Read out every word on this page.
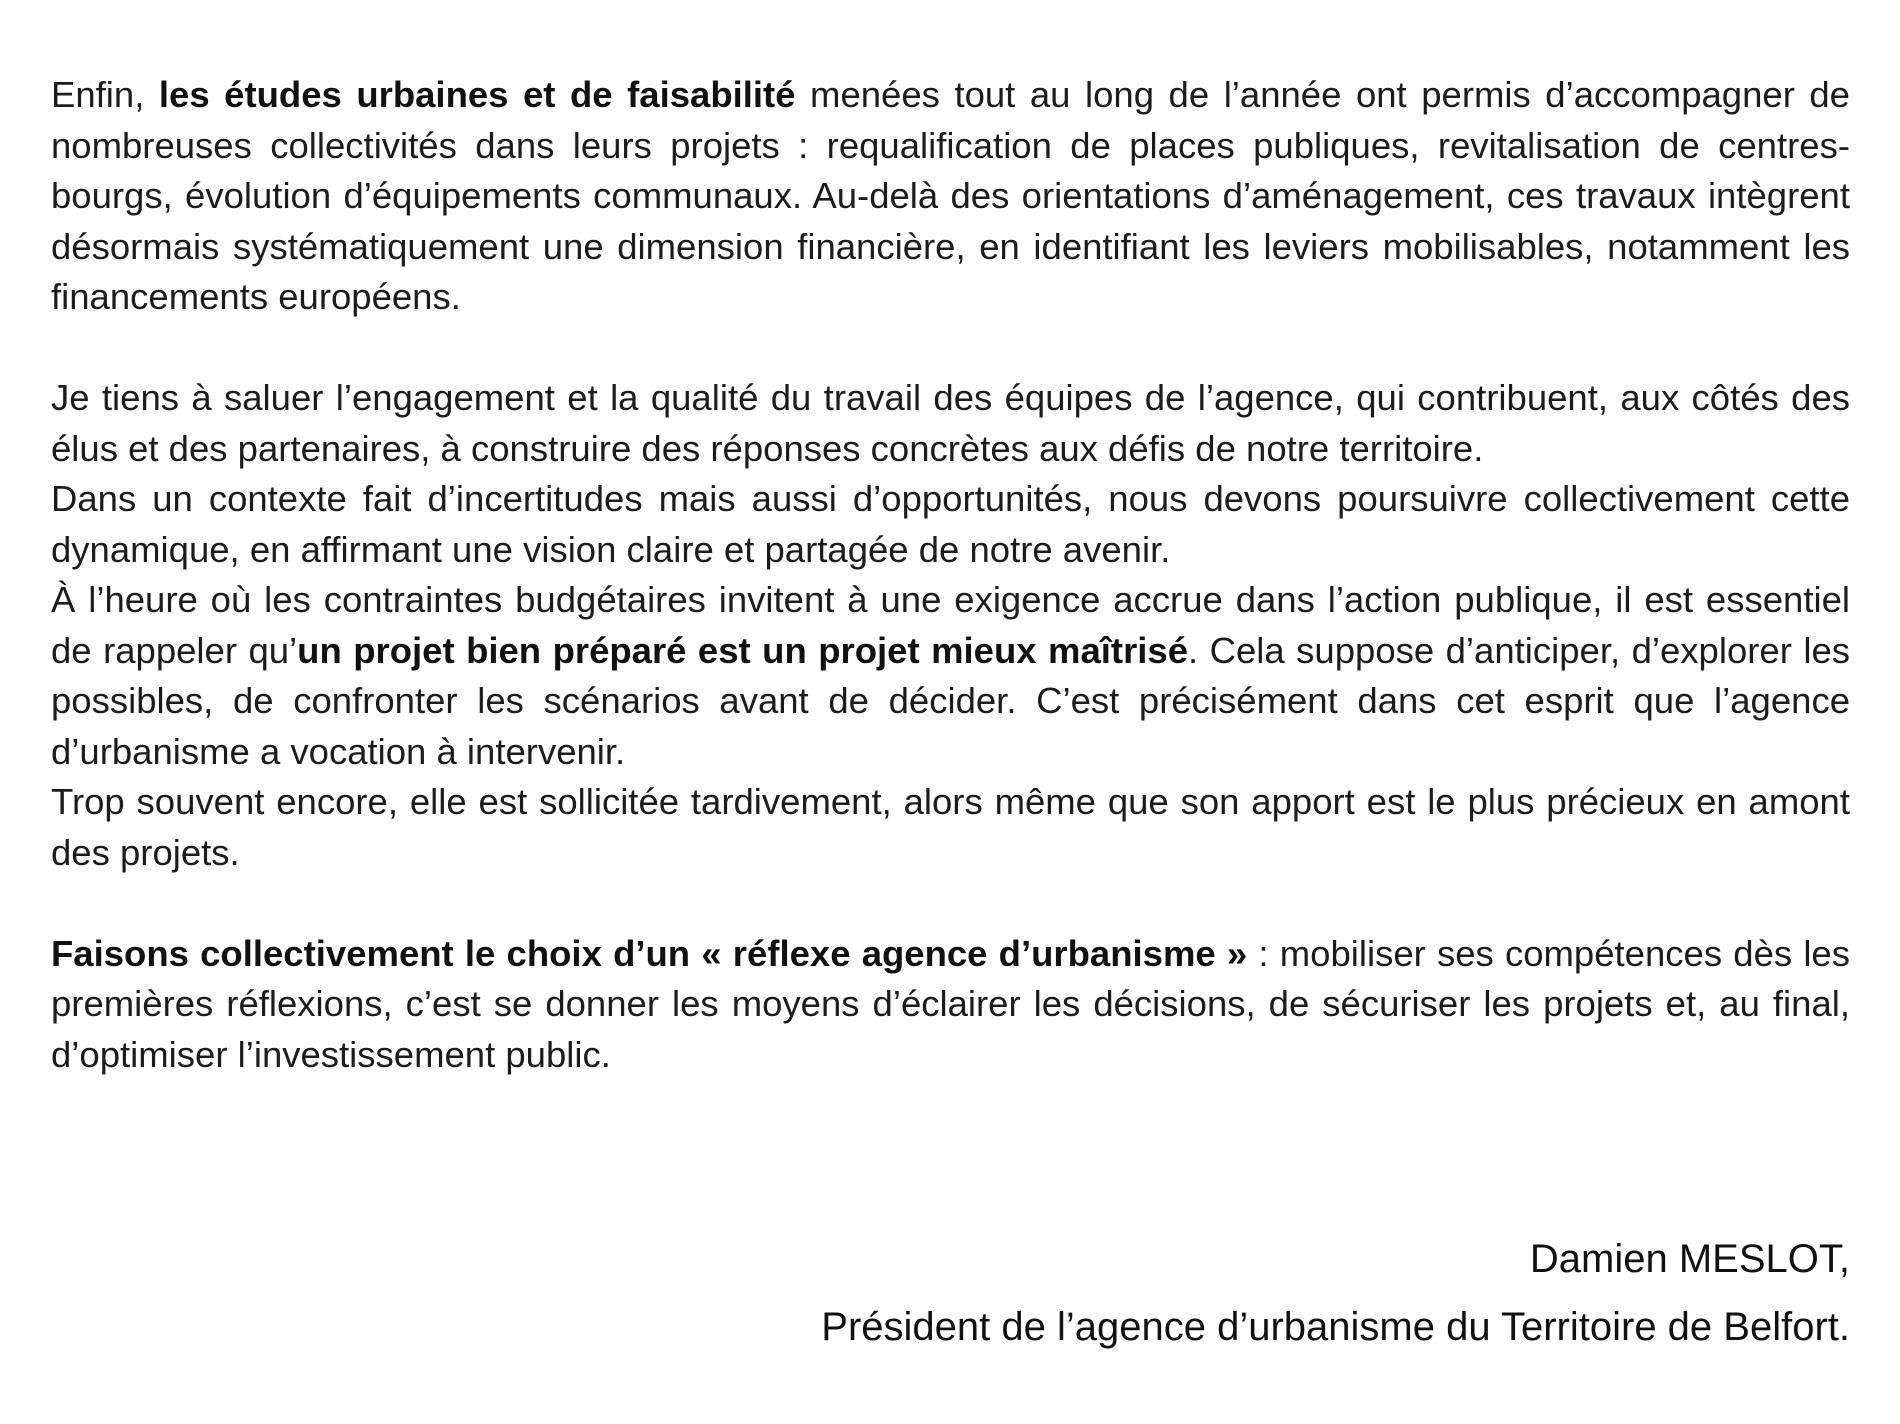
Enfin, les études urbaines et de faisabilité menées tout au long de l’année ont permis d’accompagner de nombreuses collectivités dans leurs projets : requalification de places publiques, revitalisation de centres-bourgs, évolution d’équipements communaux. Au-delà des orientations d’aménagement, ces travaux intègrent désormais systématiquement une dimension financière, en identifiant les leviers mobilisables, notamment les financements européens.

Je tiens à saluer l’engagement et la qualité du travail des équipes de l’agence, qui contribuent, aux côtés des élus et des partenaires, à construire des réponses concrètes aux défis de notre territoire.

Dans un contexte fait d’incertitudes mais aussi d’opportunités, nous devons poursuivre collectivement cette dynamique, en affirmant une vision claire et partagée de notre avenir.

À l’heure où les contraintes budgétaires invitent à une exigence accrue dans l’action publique, il est essentiel de rappeler qu’un projet bien préparé est un projet mieux maîtrisé. Cela suppose d’anticiper, d’explorer les possibles, de confronter les scénarios avant de décider. C’est précisément dans cet esprit que l’agence d’urbanisme a vocation à intervenir.

Trop souvent encore, elle est sollicitée tardivement, alors même que son apport est le plus précieux en amont des projets.

Faisons collectivement le choix d’un « réflexe agence d’urbanisme » : mobiliser ses compétences dès les premières réflexions, c’est se donner les moyens d’éclairer les décisions, de sécuriser les projets et, au final, d’optimiser l’investissement public.

Damien MESLOT,
Président de l’agence d’urbanisme du Territoire de Belfort.
